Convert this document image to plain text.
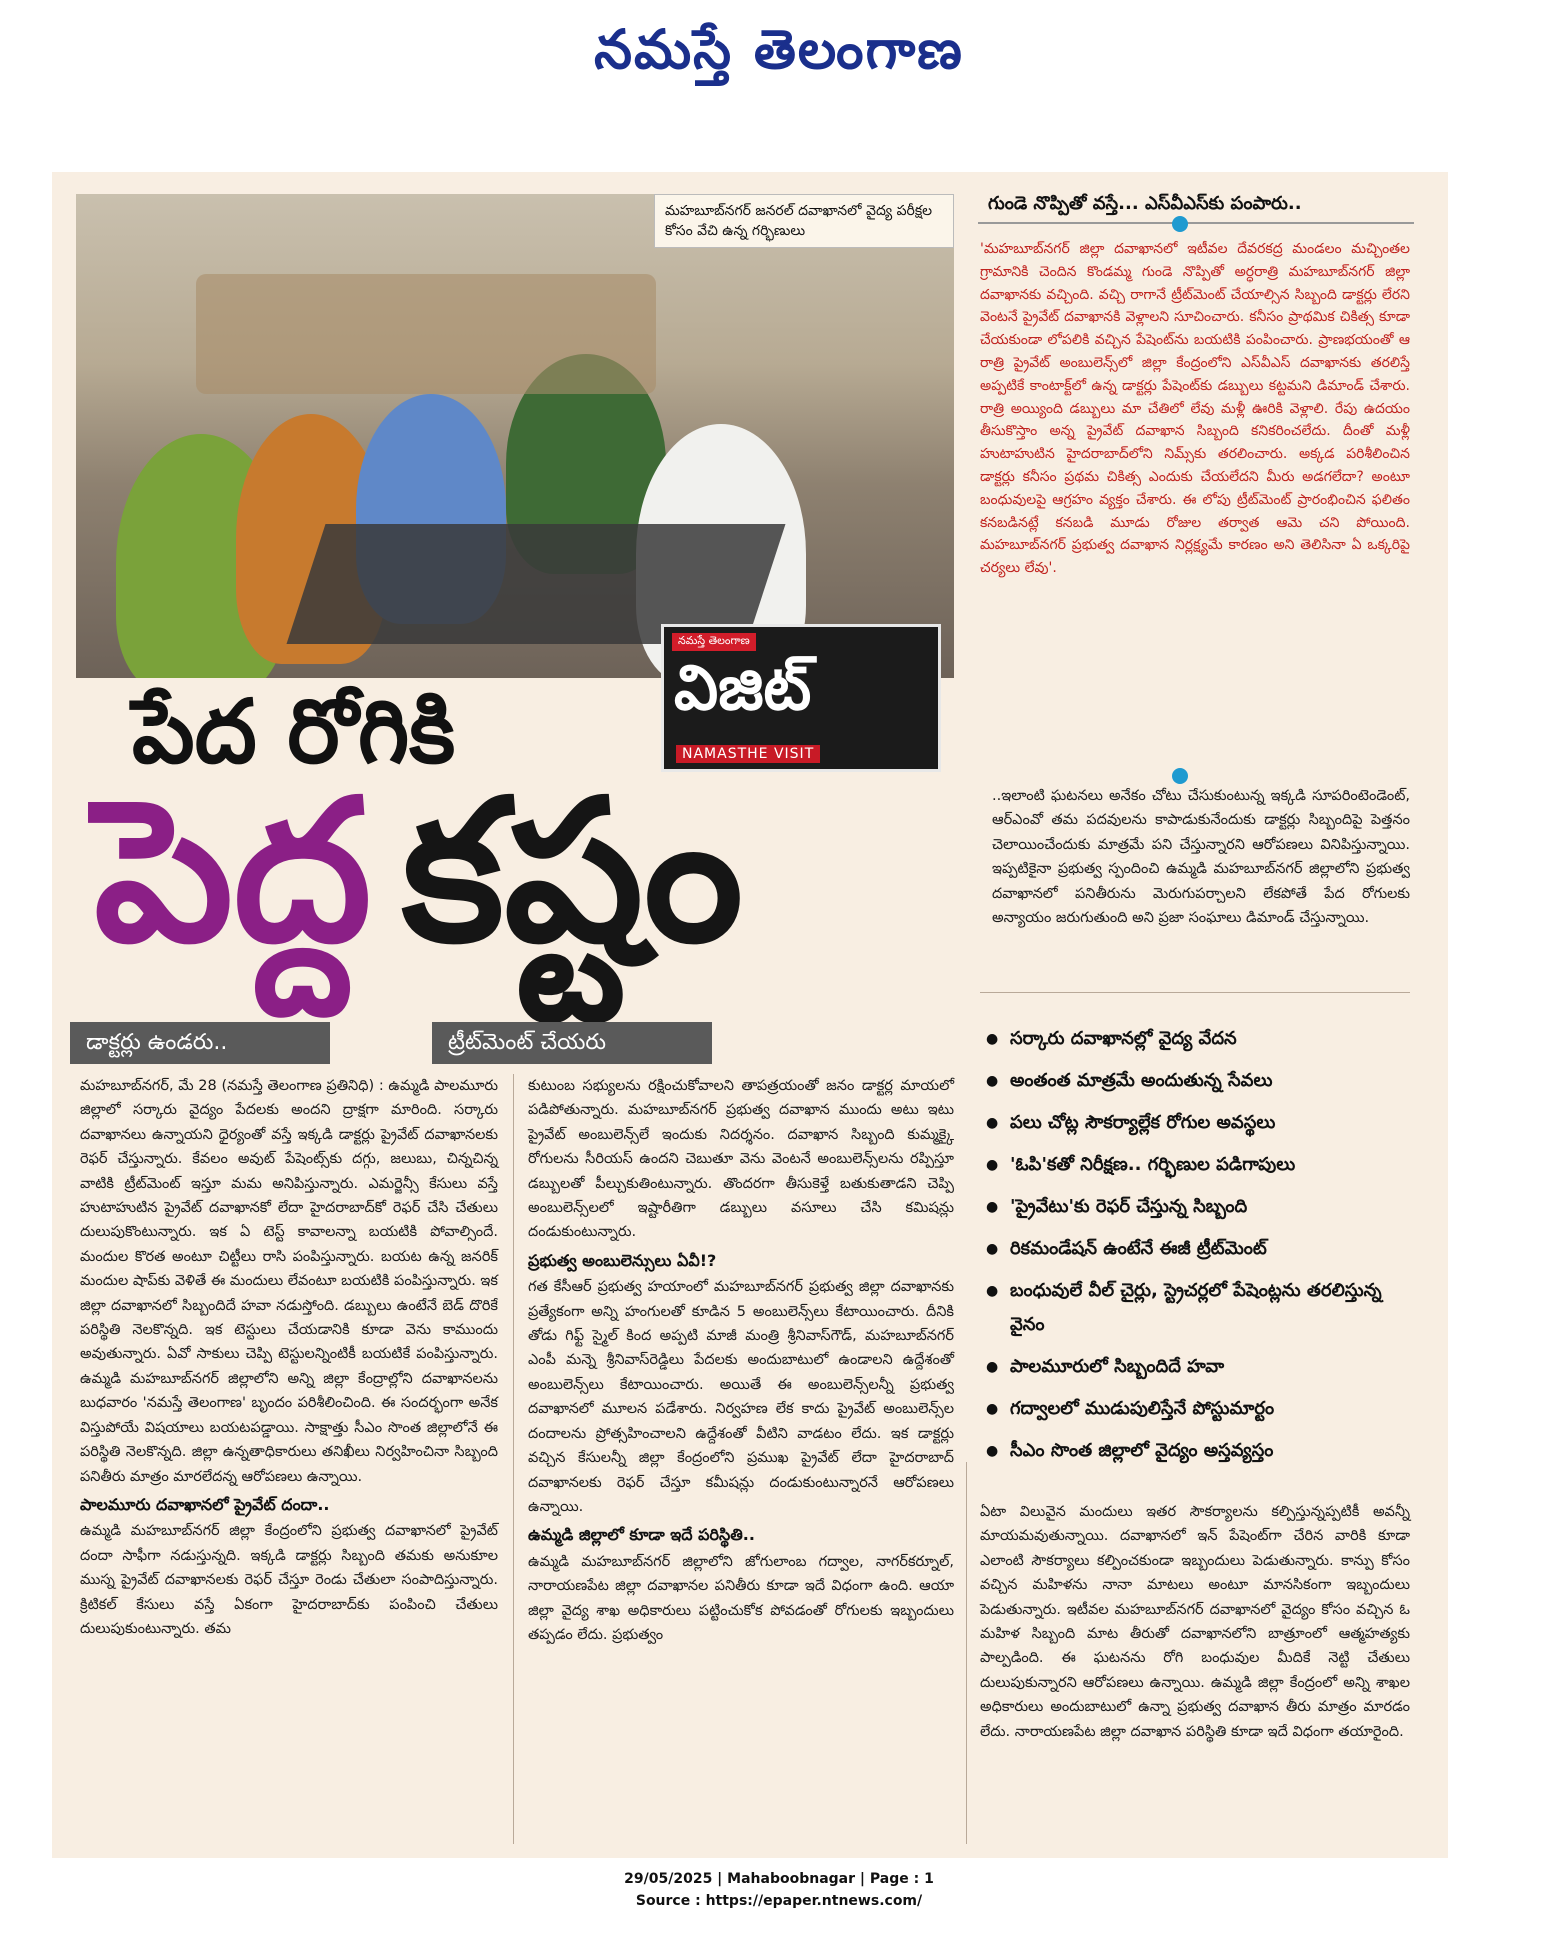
నమస్తే తెలంగాణ
మహబూబ్‌నగర్ జనరల్ దవాఖానలో వైద్య పరీక్షల కోసం వేచి ఉన్న గర్భిణులు
నమస్తే తెలంగాణ
విజిట్
NAMASTHE VISIT
పేద రోగికి
పెద్ద కష్టం
డాక్టర్లు ఉండరు..	ట్రీట్‌మెంట్ చేయరు
గుండె నొప్పితో వస్తే... ఎస్‌వీఎస్‌కు పంపారు..

'మహబూబ్‌నగర్ జిల్లా దవాఖానలో ఇటీవల దేవరకద్ర మండలం మచ్చింతల గ్రామానికి చెందిన కొండమ్మ గుండె నొప్పితో అర్ధరాత్రి మహబూబ్‌నగర్ జిల్లా దవాఖానకు వచ్చింది. వచ్చి రాగానే ట్రీట్‌మెంట్ చేయాల్సిన సిబ్బంది డాక్టర్లు లేరని వెంటనే ప్రైవేట్ దవాఖానకి వెళ్లాలని సూచించారు. కనీసం ప్రాథమిక చికిత్స కూడా చేయకుండా లోపలికి వచ్చిన పేషెంట్‌ను బయటికి పంపించారు. ప్రాణభయంతో ఆ రాత్రి ప్రైవేట్ అంబులెన్స్‌లో జిల్లా కేంద్రంలోని ఎస్‌వీఎస్ దవాఖానకు తరలిస్తే అప్పటికే కాంటాక్ట్‌లో ఉన్న డాక్టర్లు పేషెంట్‌కు డబ్బులు కట్టమని డిమాండ్ చేశారు. రాత్రి అయ్యింది డబ్బులు మా చేతిలో లేవు మళ్లీ ఊరికి వెళ్లాలి. రేపు ఉదయం తీసుకొస్తాం అన్న ప్రైవేట్ దవాఖాన సిబ్బంది కనికరించలేదు. దీంతో మళ్లీ హుటాహుటిన హైదరాబాద్‌లోని నిమ్స్‌కు తరలించారు. అక్కడ పరిశీలించిన డాక్టర్లు కనీసం ప్రథమ చికిత్స ఎందుకు చేయలేదని మీరు అడగలేదా? అంటూ బంధువులపై ఆగ్రహం వ్యక్తం చేశారు. ఈ లోపు ట్రీట్‌మెంట్ ప్రారంభించిన ఫలితం కనబడినట్లే కనబడి మూడు రోజుల తర్వాత ఆమె చని పోయింది. మహబూబ్‌నగర్ ప్రభుత్వ దవాఖాన నిర్లక్ష్యమే కారణం అని తెలిసినా ఏ ఒక్కరిపై చర్యలు లేవు'.

..ఇలాంటి ఘటనలు అనేకం చోటు చేసుకుంటున్న ఇక్కడి సూపరింటెండెంట్, ఆర్ఎంవో తమ పదవులను కాపాడుకునేందుకు డాక్టర్లు సిబ్బందిపై పెత్తనం చెలాయించేందుకు మాత్రమే పని చేస్తున్నారని ఆరోపణలు వినిపిస్తున్నాయి. ఇప్పటికైనా ప్రభుత్వ స్పందించి ఉమ్మడి మహబూబ్‌నగర్ జిల్లాలోని ప్రభుత్వ దవాఖానలో పనితీరును మెరుగుపర్చాలని లేకపోతే పేద రోగులకు అన్యాయం జరుగుతుంది అని ప్రజా సంఘాలు డిమాండ్ చేస్తున్నాయి.

● సర్కారు దవాఖానల్లో వైద్య వేదన
● అంతంత మాత్రమే అందుతున్న సేవలు
● పలు చోట్ల సౌకర్యాల్లేక రోగుల అవస్థలు
● 'ఓపి'కతో నిరీక్షణ.. గర్భిణుల పడిగాపులు
● 'ప్రైవేటు'కు రెఫర్ చేస్తున్న సిబ్బంది
● రికమండేషన్ ఉంటేనే ఈజీ ట్రీట్‌మెంట్
● బంధువులే వీల్ చైర్లు, స్ట్రెచర్లలో పేషెంట్లను తరలిస్తున్న వైనం
● పాలమూరులో సిబ్బందిదే హవా
● గద్వాలలో ముడుపులిస్తేనే పోస్టుమార్టం
● సీఎం సొంత జిల్లాలో వైద్యం అస్తవ్యస్తం

మహబూబ్‌నగర్, మే 28 (నమస్తే తెలంగాణ ప్రతినిధి) : ఉమ్మడి పాలమూరు జిల్లాలో సర్కారు వైద్యం పేదలకు అందని ద్రాక్షగా మారింది. సర్కారు దవాఖానలు ఉన్నాయని ధైర్యంతో వస్తే ఇక్కడి డాక్టర్లు ప్రైవేట్ దవాఖానలకు రెఫర్ చేస్తున్నారు. కేవలం అవుట్ పేషెంట్స్‌కు దగ్గు, జలుబు, చిన్నచిన్న వాటికి ట్రీట్‌మెంట్ ఇస్తూ మమ అనిపిస్తున్నారు. ఎమర్జెన్సీ కేసులు వస్తే హుటాహుటిన ప్రైవేట్ దవాఖానకో లేదా హైదరాబాద్‌కో రెఫర్ చేసి చేతులు దులుపుకొంటున్నారు. ఇక ఏ టెస్ట్ కావాలన్నా బయటికి పోవాల్సిందే. మందుల కొరత అంటూ చిట్టీలు రాసి పంపిస్తున్నారు. బయట ఉన్న జనరిక్ మందుల షాప్‌కు వెళితే ఈ మందులు లేవంటూ బయటికి పంపిస్తున్నారు. ఇక జిల్లా దవాఖానలో సిబ్బందిదే హవా నడుస్తోంది. డబ్బులు ఉంటేనే బెడ్ దొరికే పరిస్థితి నెలకొన్నది. ఇక టెస్టులు చేయడానికి కూడా వెను కాముందు అవుతున్నారు. ఏవో సాకులు చెప్పి టెస్టులన్నింటికీ బయటికే పంపిస్తున్నారు. ఉమ్మడి మహబూబ్‌నగర్ జిల్లాలోని అన్ని జిల్లా కేంద్రాల్లోని దవాఖానలను బుధవారం 'నమస్తే తెలంగాణ' బృందం పరిశీలించింది. ఈ సందర్భంగా అనేక విస్తుపోయే విషయాలు బయటపడ్డాయి. సాక్షాత్తు సీఎం సొంత జిల్లాలోనే ఈ పరిస్థితి నెలకొన్నది. జిల్లా ఉన్నతాధికారులు తనిఖీలు నిర్వహించినా సిబ్బంది పనితీరు మాత్రం మారలేదన్న ఆరోపణలు ఉన్నాయి.

పాలమూరు దవాఖానలో ప్రైవేట్ దందా..

ఉమ్మడి మహబూబ్‌నగర్ జిల్లా కేంద్రంలోని ప్రభుత్వ దవాఖానలో ప్రైవేట్ దందా సాఫీగా నడుస్తున్నది. ఇక్కడి డాక్టర్లు సిబ్బంది తమకు అనుకూల ముస్న ప్రైవేట్ దవాఖానలకు రెఫర్ చేస్తూ రెండు చేతులా సంపాదిస్తున్నారు. క్రిటికల్ కేసులు వస్తే ఏకంగా హైదరాబాద్‌కు పంపించి చేతులు దులుపుకుంటున్నారు. తమ

కుటుంబ సభ్యులను రక్షించుకోవాలని తాపత్రయంతో జనం డాక్టర్ల మాయలో పడిపోతున్నారు. మహబూబ్‌నగర్ ప్రభుత్వ దవాఖాన ముందు అటు ఇటు ప్రైవేట్ అంబులెన్స్‌లే ఇందుకు నిదర్శనం. దవాఖాన సిబ్బంది కుమ్మక్కై రోగులను సీరియస్ ఉందని చెబుతూ వెను వెంటనే అంబులెన్స్‌లను రప్పిస్తూ డబ్బులతో పీల్చుకుతింటున్నారు. తొందరగా తీసుకెళ్తే బతుకుతాడని చెప్పి అంబులెన్స్‌లలో ఇష్టారీతిగా డబ్బులు వసూలు చేసి కమిషన్లు దండుకుంటున్నారు.

ప్రభుత్వ అంబులెన్సులు ఏవీ!?

గత కేసీఆర్ ప్రభుత్వ హయాంలో మహబూబ్‌నగర్ ప్రభుత్వ జిల్లా దవాఖానకు ప్రత్యేకంగా అన్ని హంగులతో కూడిన 5 అంబులెన్స్‌లు కేటాయించారు. దీనికి తోడు గిఫ్ట్ స్మైల్ కింద అప్పటి మాజీ మంత్రి శ్రీనివాస్‌గౌడ్, మహబూబ్‌నగర్ ఎంపీ మన్నె శ్రీనివాస్‌రెడ్డిలు పేదలకు అందుబాటులో ఉండాలని ఉద్దేశంతో అంబులెన్స్‌లు కేటాయించారు. అయితే ఈ అంబులెన్స్‌లన్నీ ప్రభుత్వ దవాఖానలో మూలన పడేశారు. నిర్వహణ లేక కాదు ప్రైవేట్ అంబులెన్స్‌ల దందాలను ప్రోత్సహించాలని ఉద్దేశంతో వీటిని వాడటం లేదు. ఇక డాక్టర్లు వచ్చిన కేసులన్నీ జిల్లా కేంద్రంలోని ప్రముఖ ప్రైవేట్ లేదా హైదరాబాద్ దవాఖానలకు రెఫర్ చేస్తూ కమీషన్లు దండుకుంటున్నారనే ఆరోపణలు ఉన్నాయి.

ఉమ్మడి జిల్లాలో కూడా ఇదే పరిస్థితి..

ఉమ్మడి మహబూబ్‌నగర్ జిల్లాలోని జోగులాంబ గద్వాల, నాగర్‌కర్నూల్, నారాయణపేట జిల్లా దవాఖానల పనితీరు కూడా ఇదే విధంగా ఉంది. ఆయా జిల్లా వైద్య శాఖ అధికారులు పట్టించుకోక పోవడంతో రోగులకు ఇబ్బందులు తప్పడం లేదు. ప్రభుత్వం

ఏటా విలువైన మందులు ఇతర సౌకర్యాలను కల్పిస్తున్నప్పటికీ అవన్నీ మాయమవుతున్నాయి. దవాఖానలో ఇన్ పేషెంట్‌గా చేరిన వారికి కూడా ఎలాంటి సౌకర్యాలు కల్పించకుండా ఇబ్బందులు పెడుతున్నారు. కాన్పు కోసం వచ్చిన మహిళను నానా మాటలు అంటూ మానసికంగా ఇబ్బందులు పెడుతున్నారు. ఇటీవల మహబూబ్‌నగర్ దవాఖానలో వైద్యం కోసం వచ్చిన ఓ మహిళ సిబ్బంది మాట తీరుతో దవాఖానలోని బాత్రూంలో ఆత్మహత్యకు పాల్పడింది. ఈ ఘటనను రోగి బంధువుల మీదికే నెట్టి చేతులు దులుపుకున్నారని ఆరోపణలు ఉన్నాయి. ఉమ్మడి జిల్లా కేంద్రంలో అన్ని శాఖల అధికారులు అందుబాటులో ఉన్నా ప్రభుత్వ దవాఖాన తీరు మాత్రం మారడం లేదు. నారాయణపేట జిల్లా దవాఖాన పరిస్థితి కూడా ఇదే విధంగా తయారైంది.

29/05/2025 | Mahaboobnagar | Page : 1
Source : https://epaper.ntnews.com/
